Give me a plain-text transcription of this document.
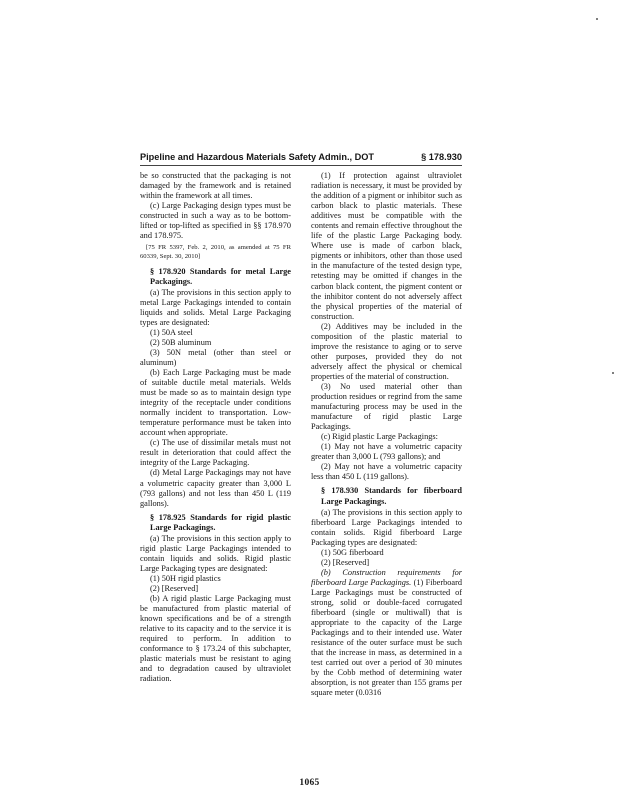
Pipeline and Hazardous Materials Safety Admin., DOT	§ 178.930

be so constructed that the packaging is not damaged by the framework and is retained within the framework at all times.

(c) Large Packaging design types must be constructed in such a way as to be bottom-lifted or top-lifted as specified in §§ 178.970 and 178.975.

[75 FR 5397, Feb. 2, 2010, as amended at 75 FR 60339, Sept. 30, 2010]

§ 178.920 Standards for metal Large Packagings.

(a) The provisions in this section apply to metal Large Packagings intended to contain liquids and solids. Metal Large Packaging types are designated:

(1) 50A steel

(2) 50B aluminum

(3) 50N metal (other than steel or aluminum)

(b) Each Large Packaging must be made of suitable ductile metal materials. Welds must be made so as to maintain design type integrity of the receptacle under conditions normally incident to transportation. Low-temperature performance must be taken into account when appropriate.

(c) The use of dissimilar metals must not result in deterioration that could affect the integrity of the Large Packaging.

(d) Metal Large Packagings may not have a volumetric capacity greater than 3,000 L (793 gallons) and not less than 450 L (119 gallons).

§ 178.925 Standards for rigid plastic Large Packagings.

(a) The provisions in this section apply to rigid plastic Large Packagings intended to contain liquids and solids. Rigid plastic Large Packaging types are designated:

(1) 50H rigid plastics

(2) [Reserved]

(b) A rigid plastic Large Packaging must be manufactured from plastic material of known specifications and be of a strength relative to its capacity and to the service it is required to perform. In addition to conformance to § 173.24 of this subchapter, plastic materials must be resistant to aging and to degradation caused by ultraviolet radiation.

(1) If protection against ultraviolet radiation is necessary, it must be provided by the addition of a pigment or inhibitor such as carbon black to plastic materials. These additives must be compatible with the contents and remain effective throughout the life of the plastic Large Packaging body. Where use is made of carbon black, pigments or inhibitors, other than those used in the manufacture of the tested design type, retesting may be omitted if changes in the carbon black content, the pigment content or the inhibitor content do not adversely affect the physical properties of the material of construction.

(2) Additives may be included in the composition of the plastic material to improve the resistance to aging or to serve other purposes, provided they do not adversely affect the physical or chemical properties of the material of construction.

(3) No used material other than production residues or regrind from the same manufacturing process may be used in the manufacture of rigid plastic Large Packagings.

(c) Rigid plastic Large Packagings:

(1) May not have a volumetric capacity greater than 3,000 L (793 gallons); and

(2) May not have a volumetric capacity less than 450 L (119 gallons).

§ 178.930 Standards for fiberboard Large Packagings.

(a) The provisions in this section apply to fiberboard Large Packagings intended to contain solids. Rigid fiberboard Large Packaging types are designated:

(1) 50G fiberboard

(2) [Reserved]

(b) Construction requirements for fiberboard Large Packagings. (1) Fiberboard Large Packagings must be constructed of strong, solid or double-faced corrugated fiberboard (single or multiwall) that is appropriate to the capacity of the Large Packagings and to their intended use. Water resistance of the outer surface must be such that the increase in mass, as determined in a test carried out over a period of 30 minutes by the Cobb method of determining water absorption, is not greater than 155 grams per square meter (0.0316

1065
